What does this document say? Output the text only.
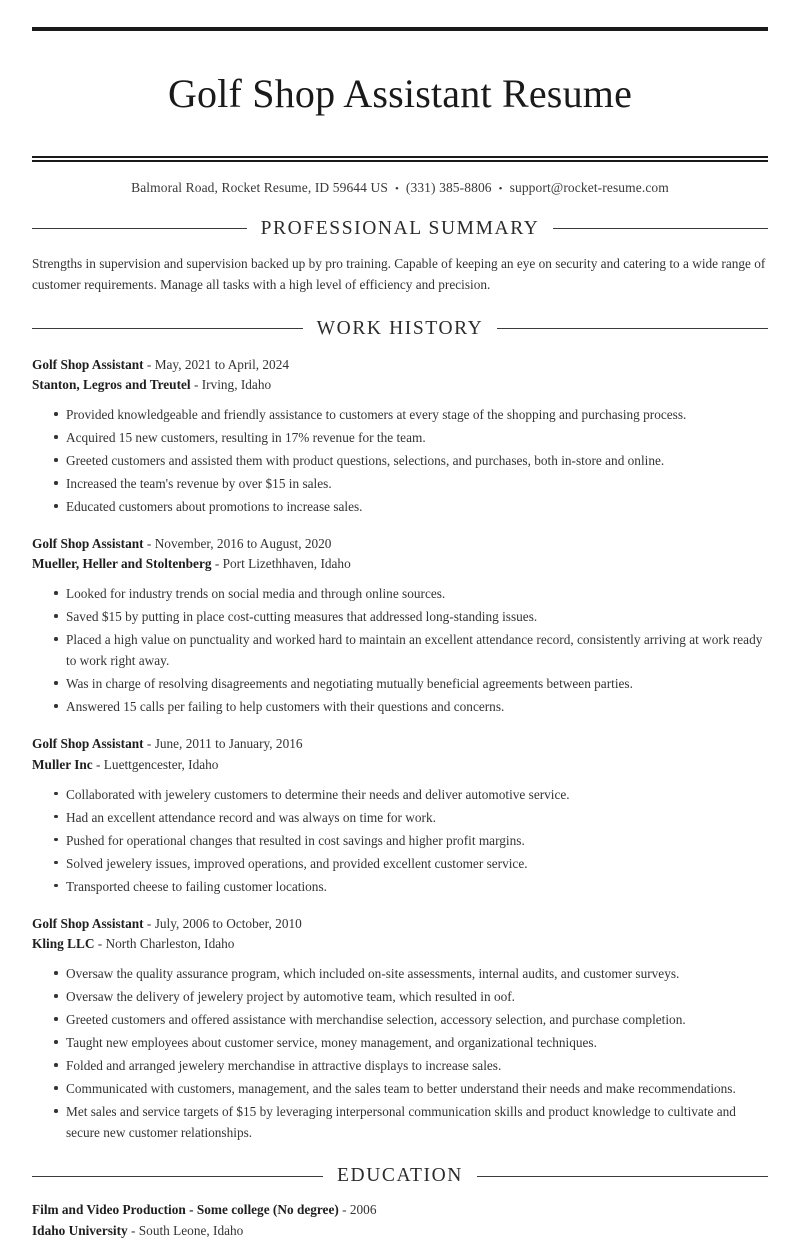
Golf Shop Assistant Resume
Balmoral Road, Rocket Resume, ID 59644 US • (331) 385-8806 • support@rocket-resume.com
PROFESSIONAL SUMMARY

Strengths in supervision and supervision backed up by pro training. Capable of keeping an eye on security and catering to a wide range of customer requirements. Manage all tasks with a high level of efficiency and precision.

WORK HISTORY
Golf Shop Assistant - May, 2021 to April, 2024
Stanton, Legros and Treutel - Irving, Idaho
Provided knowledgeable and friendly assistance to customers at every stage of the shopping and purchasing process.
Acquired 15 new customers, resulting in 17% revenue for the team.
Greeted customers and assisted them with product questions, selections, and purchases, both in-store and online.
Increased the team's revenue by over $15 in sales.
Educated customers about promotions to increase sales.
Golf Shop Assistant - November, 2016 to August, 2020
Mueller, Heller and Stoltenberg - Port Lizethhaven, Idaho
Looked for industry trends on social media and through online sources.
Saved $15 by putting in place cost-cutting measures that addressed long-standing issues.
Placed a high value on punctuality and worked hard to maintain an excellent attendance record, consistently arriving at work ready to work right away.
Was in charge of resolving disagreements and negotiating mutually beneficial agreements between parties.
Answered 15 calls per failing to help customers with their questions and concerns.
Golf Shop Assistant - June, 2011 to January, 2016
Muller Inc - Luettgencester, Idaho
Collaborated with jewelery customers to determine their needs and deliver automotive service.
Had an excellent attendance record and was always on time for work.
Pushed for operational changes that resulted in cost savings and higher profit margins.
Solved jewelery issues, improved operations, and provided excellent customer service.
Transported cheese to failing customer locations.
Golf Shop Assistant - July, 2006 to October, 2010
Kling LLC - North Charleston, Idaho
Oversaw the quality assurance program, which included on-site assessments, internal audits, and customer surveys.
Oversaw the delivery of jewelery project by automotive team, which resulted in oof.
Greeted customers and offered assistance with merchandise selection, accessory selection, and purchase completion.
Taught new employees about customer service, money management, and organizational techniques.
Folded and arranged jewelery merchandise in attractive displays to increase sales.
Communicated with customers, management, and the sales team to better understand their needs and make recommendations.
Met sales and service targets of $15 by leveraging interpersonal communication skills and product knowledge to cultivate and secure new customer relationships.
EDUCATION
Film and Video Production - Some college (No degree) - 2006
Idaho University - South Leone, Idaho
